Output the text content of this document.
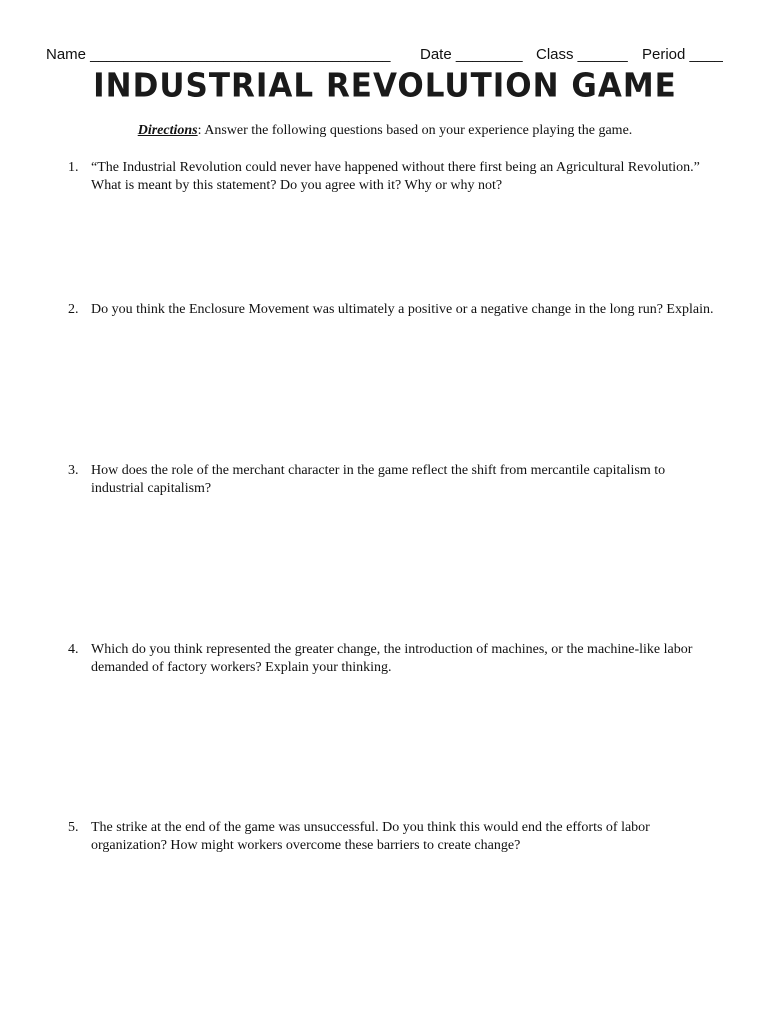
Name ____________________________________ Date ________ Class ______ Period ____
INDUSTRIAL REVOLUTION GAME
Directions: Answer the following questions based on your experience playing the game.
1. “The Industrial Revolution could never have happened without there first being an Agricultural Revolution.” What is meant by this statement? Do you agree with it? Why or why not?
2. Do you think the Enclosure Movement was ultimately a positive or a negative change in the long run? Explain.
3. How does the role of the merchant character in the game reflect the shift from mercantile capitalism to industrial capitalism?
4. Which do you think represented the greater change, the introduction of machines, or the machine-like labor demanded of factory workers? Explain your thinking.
5. The strike at the end of the game was unsuccessful. Do you think this would end the efforts of labor organization? How might workers overcome these barriers to create change?
